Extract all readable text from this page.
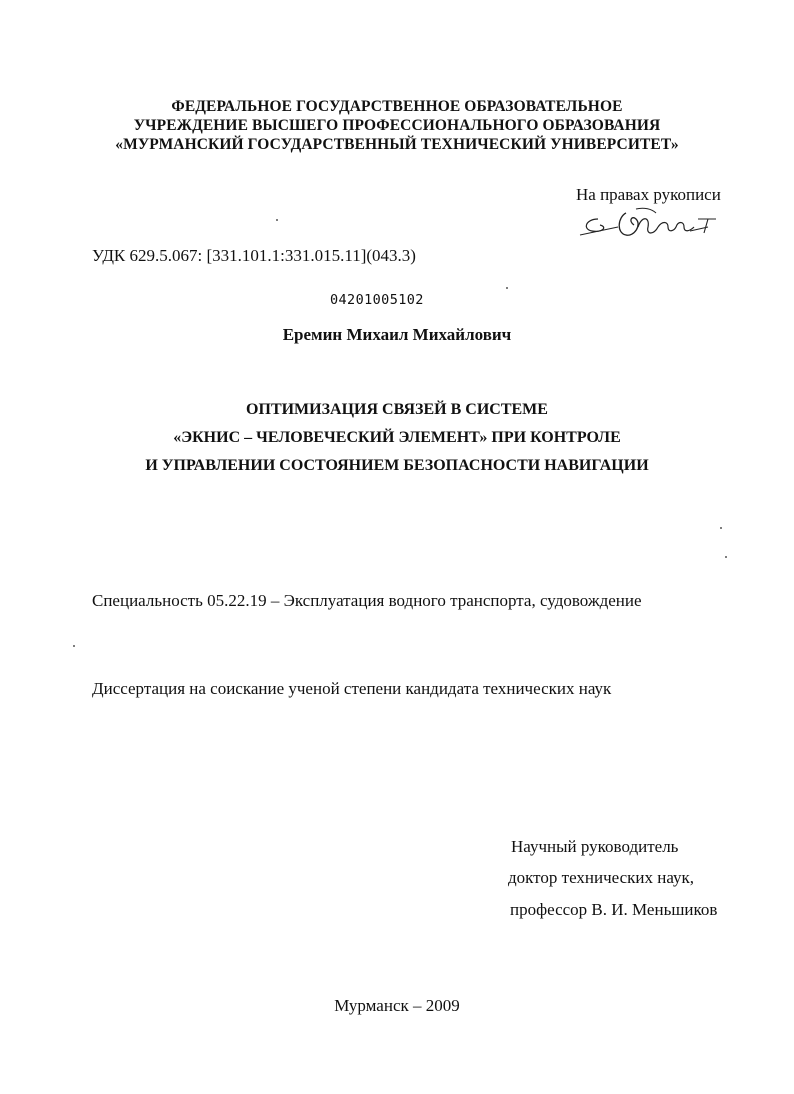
ФЕДЕРАЛЬНОЕ ГОСУДАРСТВЕННОЕ ОБРАЗОВАТЕЛЬНОЕ
УЧРЕЖДЕНИЕ ВЫСШЕГО ПРОФЕССИОНАЛЬНОГО ОБРАЗОВАНИЯ
«МУРМАНСКИЙ ГОСУДАРСТВЕННЫЙ ТЕХНИЧЕСКИЙ УНИВЕРСИТЕТ»
На правах рукописи
УДК 629.5.067: [331.101.1:331.015.11](043.3)
04201005102
Еремин Михаил Михайлович
ОПТИМИЗАЦИЯ СВЯЗЕЙ В СИСТЕМЕ
«ЭКНИС – ЧЕЛОВЕЧЕСКИЙ ЭЛЕМЕНТ» ПРИ КОНТРОЛЕ
И УПРАВЛЕНИИ СОСТОЯНИЕМ БЕЗОПАСНОСТИ НАВИГАЦИИ
Специальность 05.22.19 – Эксплуатация водного транспорта, судовождение
Диссертация на соискание ученой степени кандидата технических наук
Научный руководитель
доктор технических наук,
профессор В. И. Меньшиков
Мурманск – 2009
